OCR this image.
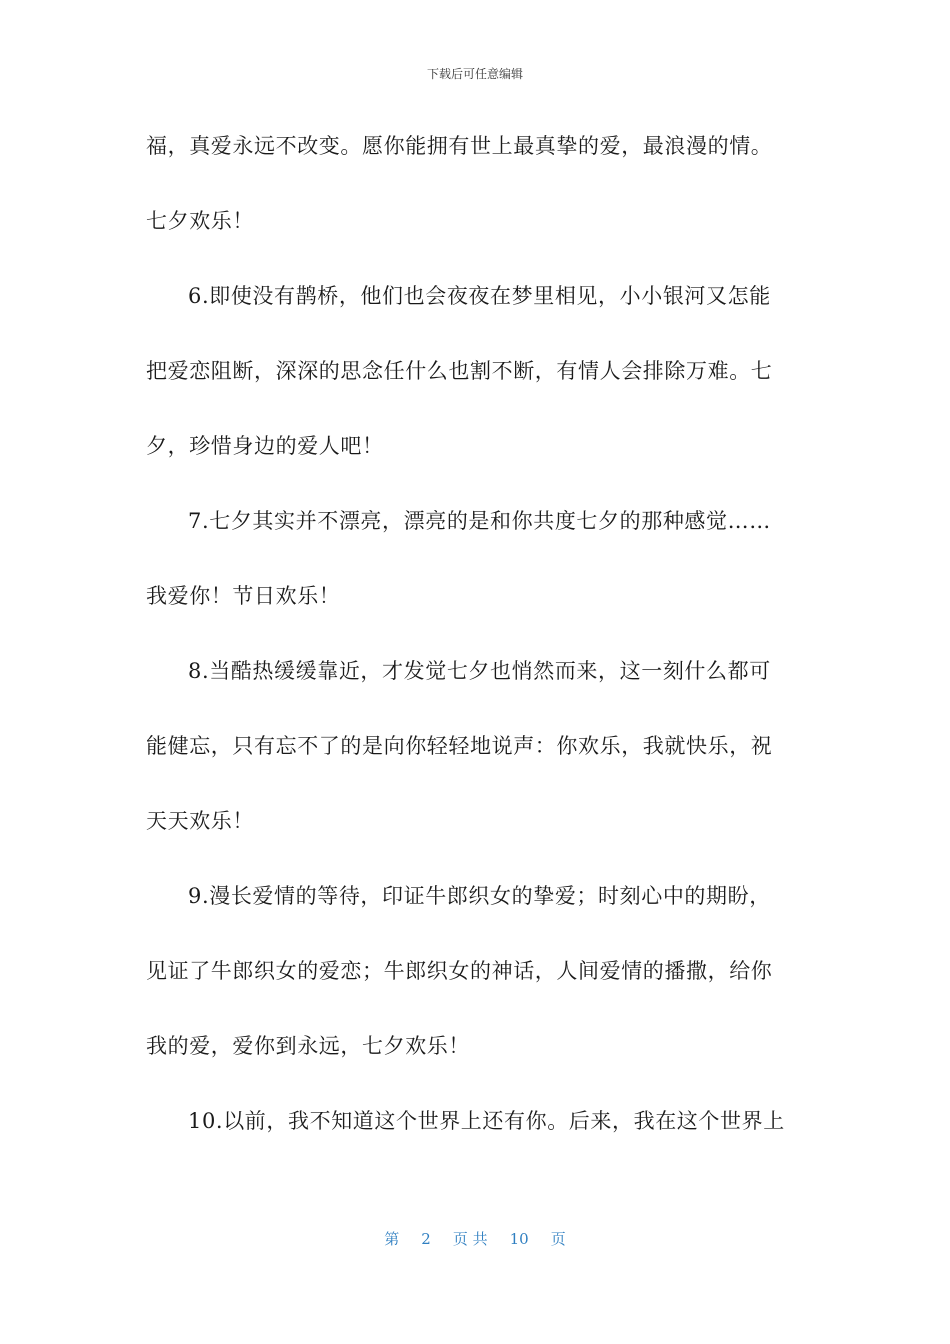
下载后可任意编辑
福，真爱永远不改变。愿你能拥有世上最真挚的爱，最浪漫的情。
七夕欢乐！
6.即使没有鹊桥，他们也会夜夜在梦里相见，小小银河又怎能
把爱恋阻断，深深的思念任什么也割不断，有情人会排除万难。七
夕，珍惜身边的爱人吧！
7.七夕其实并不漂亮，漂亮的是和你共度七夕的那种感觉……
我爱你！节日欢乐！
8.当酷热缓缓靠近，才发觉七夕也悄然而来，这一刻什么都可
能健忘，只有忘不了的是向你轻轻地说声：你欢乐，我就快乐，祝
天天欢乐！
9.漫长爱情的等待，印证牛郎织女的挚爱；时刻心中的期盼，
见证了牛郎织女的爱恋；牛郎织女的神话，人间爱情的播撒，给你
我的爱，爱你到永远，七夕欢乐！
10.以前，我不知道这个世界上还有你。后来，我在这个世界上
第 2 页 共 10 页
